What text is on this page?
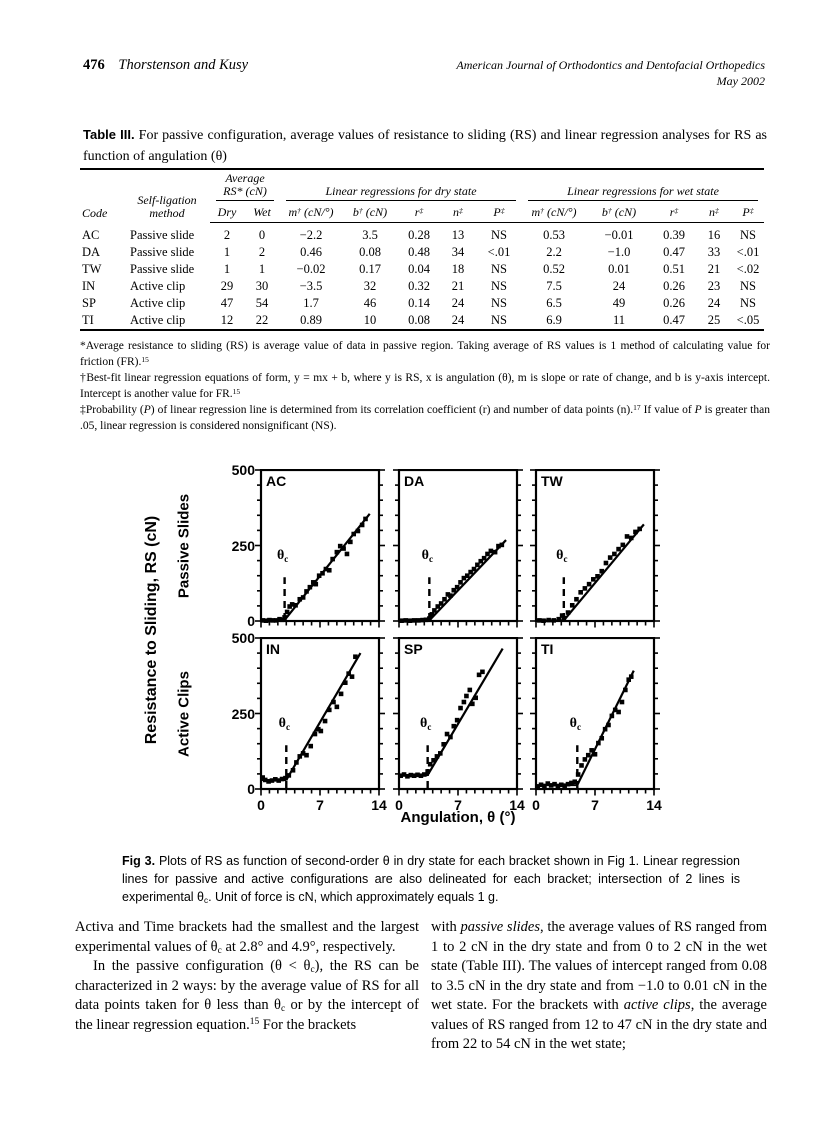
476 Thorstenson and Kusy	American Journal of Orthodontics and Dentofacial Orthopedics
May 2002
Table III. For passive configuration, average values of resistance to sliding (RS) and linear regression analyses for RS as function of angulation (θ)
Code	Self-ligation method	Average
RS* (cN)		Linear regressions for dry state					Linear regressions for wet state				

		Dry	Wet	m† (cN/°)	b† (cN)	r‡	n‡	P‡	m† (cN/°)	b† (cN)	r‡	n‡	P‡
AC	Passive slide	2	0	−2.2	3.5	0.28	13	NS	0.53	−0.01	0.39	16	NS
DA	Passive slide	1	2	0.46	0.08	0.48	34	<.01	2.2	−1.0	0.47	33	<.01
TW	Passive slide	1	1	−0.02	0.17	0.04	18	NS	0.52	0.01	0.51	21	<.02
IN	Active clip	29	30	−3.5	32	0.32	21	NS	7.5	24	0.26	23	NS
SP	Active clip	47	54	1.7	46	0.14	24	NS	6.5	49	0.26	24	NS
TI	Active clip	12	22	0.89	10	0.08	24	NS	6.9	11	0.47	25	<.05

*Average resistance to sliding (RS) is average value of data in passive region. Taking average of RS values is 1 method of calculating value for friction (FR).$^{15}$

†Best-fit linear regression equations of form, y = mx + b, where y is RS, x is angulation (θ), m is slope or rate of change, and b is y-axis intercept. Intercept is another value for FR.$^{15}$

‡Probability (P) of linear regression line is determined from its correlation coefficient (r) and number of data points (n).$^{17}$ If value of P is greater than .05, linear regression is considered nonsignificant (NS).

Resistance to Sliding, RS (cN) Passive Slides
Active Clips
AC
$\theta_c$
DA
$\theta_c$
TW
$\theta_c$
IN
$\theta_c$
SP
$\theta_c$
TI
$\theta_c$
500
250
0
500
250
0
0	7	14 0	7	14 0	7	14
Angulation, θ (°)
Fig 3. Plots of RS as function of second-order θ in dry state for each bracket shown in Fig 1. Linear regression lines for passive and active configurations are also delineated for each bracket; intersection of 2 lines is experimental $\theta_c$. Unit of force is cN, which approximately equals 1 g.

Activa and Time brackets had the smallest and the largest experimental values of $\theta_c$ at 2.8° and 4.9°, respectively.

In the passive configuration $(\theta < \theta_c)$, the RS can be characterized in 2 ways: by the average value of RS for all data points taken for θ less than $\theta_c$ or by the intercept of the linear regression equation.$^{15}$ For the brackets

with passive slides, the average values of RS ranged from 1 to 2 cN in the dry state and from 0 to 2 cN in the wet state (Table III). The values of intercept ranged from 0.08 to 3.5 cN in the dry state and from −1.0 to 0.01 cN in the wet state. For the brackets with active clips, the average values of RS ranged from 12 to 47 cN in the dry state and from 22 to 54 cN in the wet state;
